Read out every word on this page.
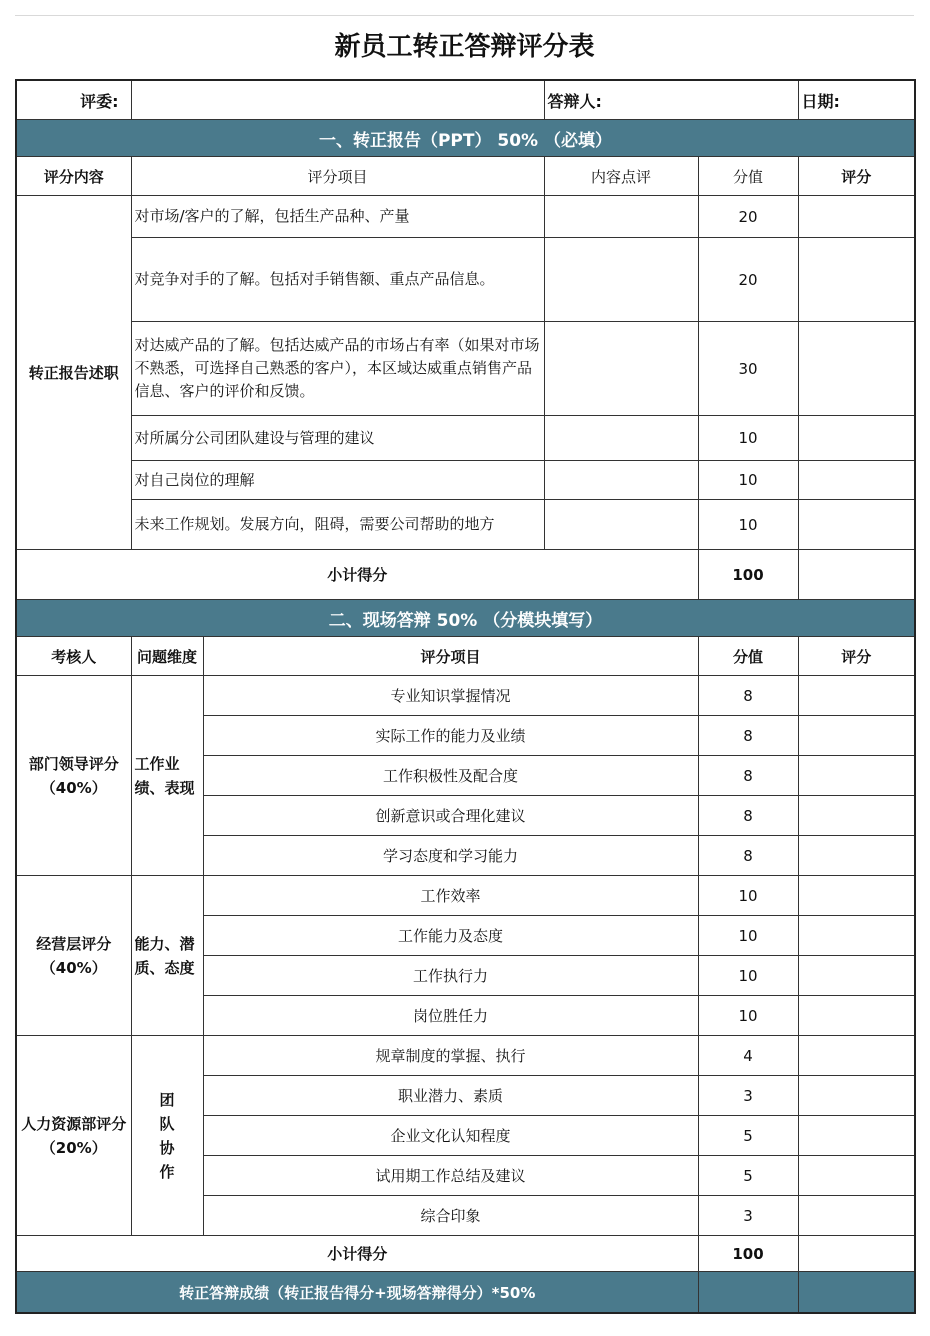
新员工转正答辩评分表
评委:			答辩人:		日期:
一、转正报告（PPT） 50% （必填）					
评分内容	评分项目		内容点评	分值	评分
转正报告述职	对市场/客户的了解，包括生产品种、产量			20	
	对竞争对手的了解。包括对手销售额、重点产品信息。			20	
	对达威产品的了解。包括达威产品的市场占有率（如果对市场不熟悉，可选择自己熟悉的客户），本区域达威重点销售产品信息、客户的评价和反馈。			30	
	对所属分公司团队建设与管理的建议			10	
	对自己岗位的理解			10	
	未来工作规划。发展方向，阻碍，需要公司帮助的地方			10	
小计得分				100	
二、现场答辩 50% （分模块填写）					
考核人	问题维度	评分项目		分值	评分
部门领导评分（40%）	工作业绩、表现	专业知识掌握情况		8	
		实际工作的能力及业绩		8	
		工作积极性及配合度		8	
		创新意识或合理化建议		8	
		学习态度和学习能力		8	
经营层评分（40%）	能力、潜质、态度	工作效率		10	
		工作能力及态度		10	
		工作执行力		10	
		岗位胜任力		10	
人力资源部评分（20%）	团队协作	规章制度的掌握、执行		4	
		职业潜力、素质		3	
		企业文化认知程度		5	
		试用期工作总结及建议		5	
		综合印象		3	
小计得分				100	
转正答辩成绩（转正报告得分+现场答辩得分）*50%					
